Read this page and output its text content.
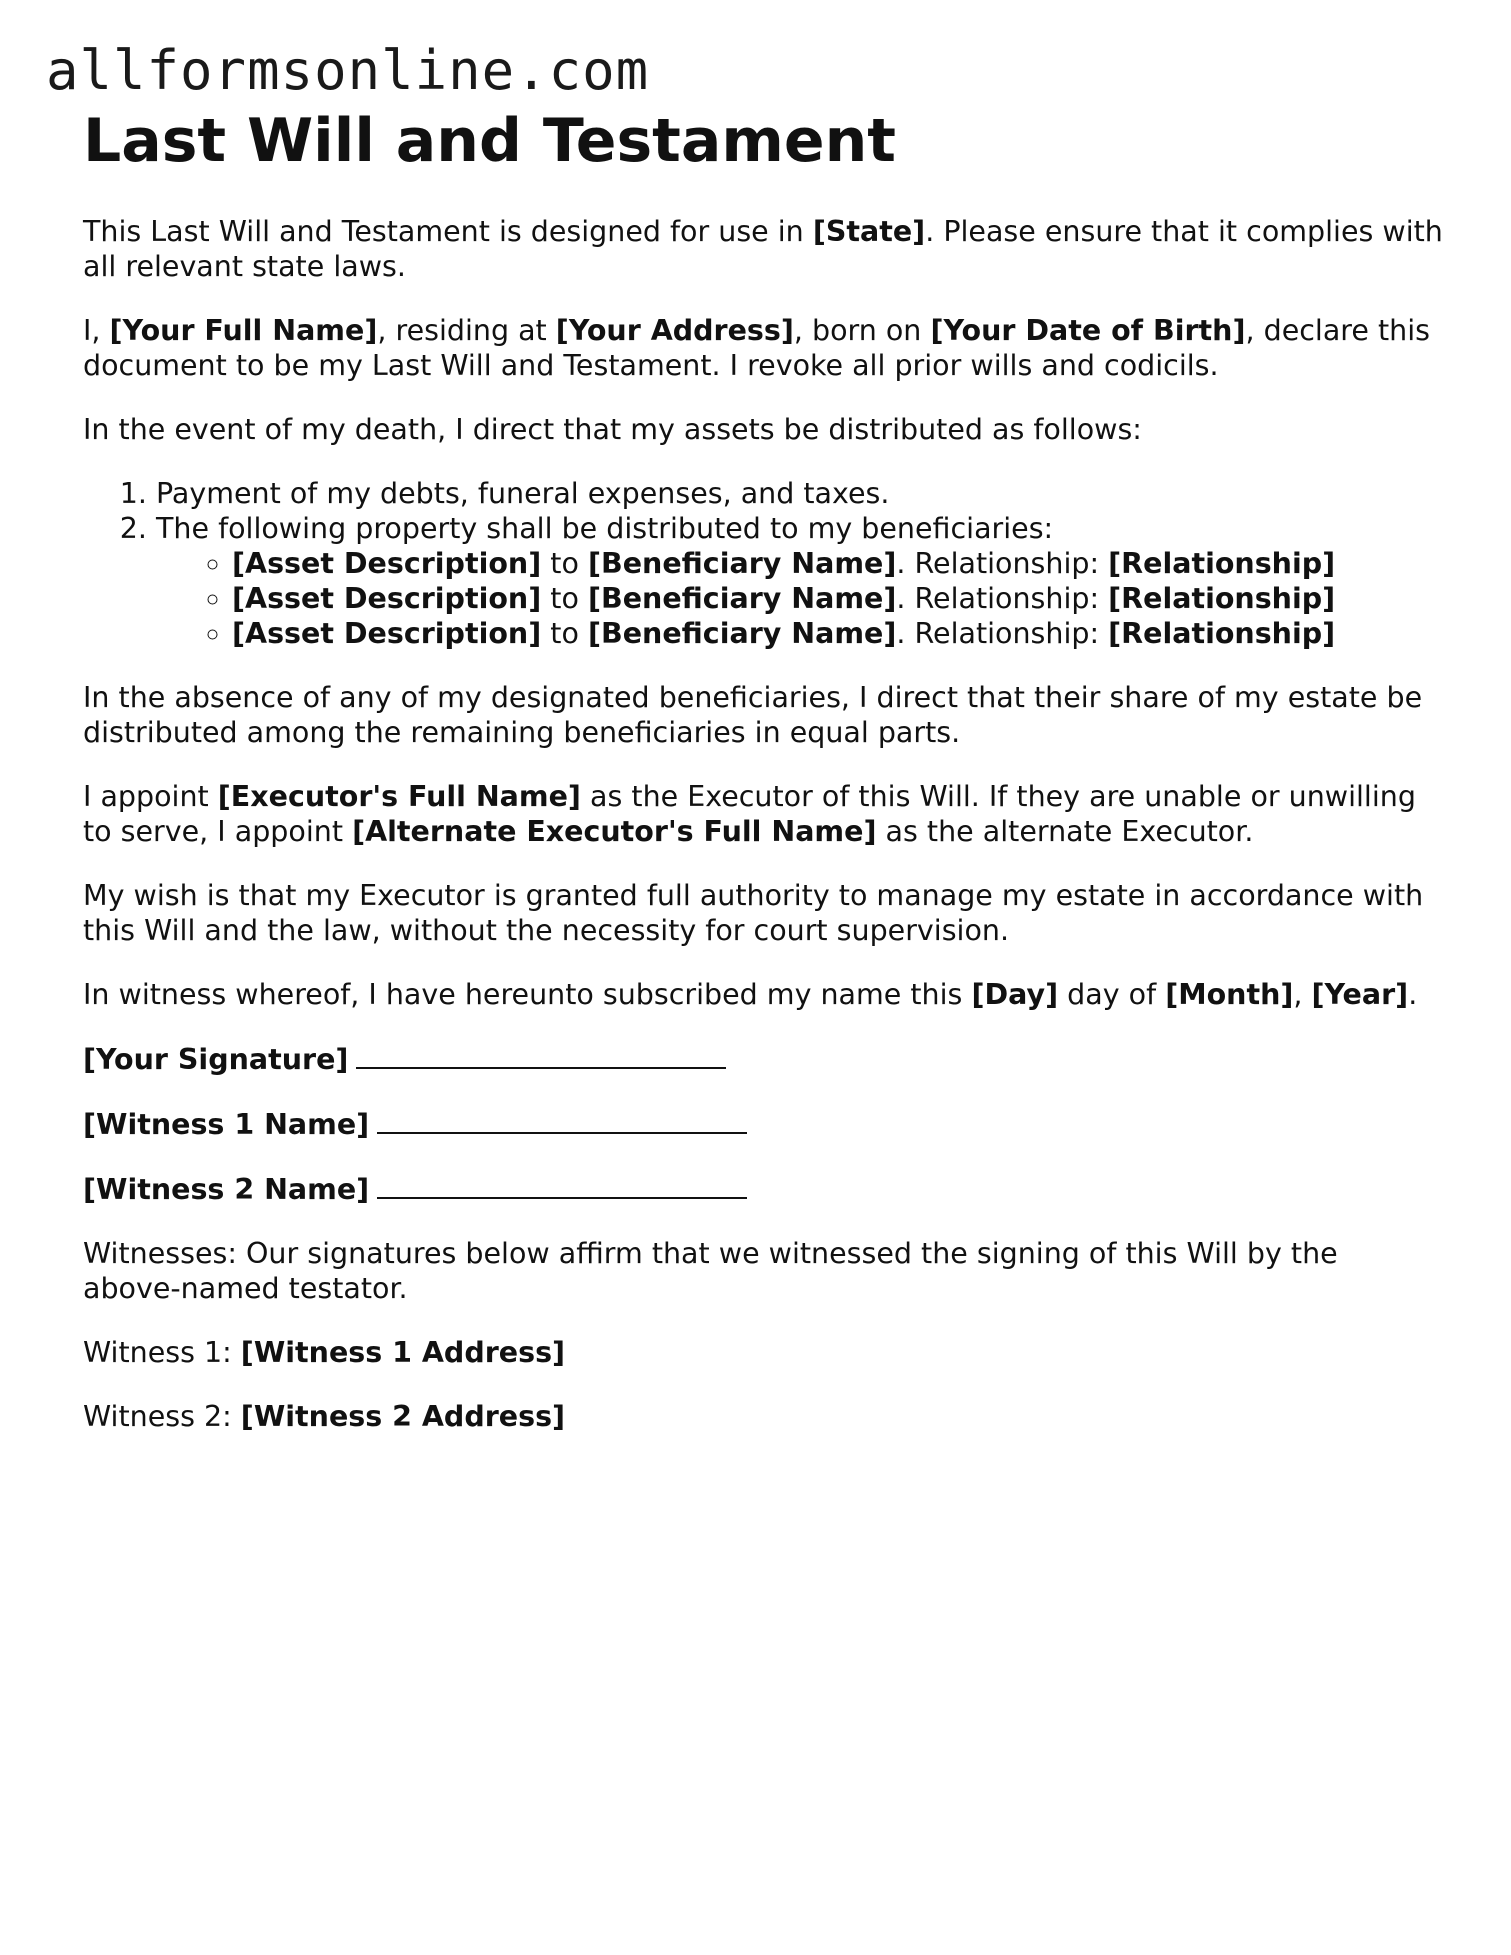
allformsonline.com
Last Will and Testament

This Last Will and Testament is designed for use in [State]. Please ensure that it complies with all relevant state laws.

I, [Your Full Name], residing at [Your Address], born on [Your Date of Birth], declare this document to be my Last Will and Testament. I revoke all prior wills and codicils.

In the event of my death, I direct that my assets be distributed as follows:

1. Payment of my debts, funeral expenses, and taxes.
2. The following property shall be distributed to my beneficiaries:
◦ [Asset Description] to [Beneficiary Name]. Relationship: [Relationship]
◦ [Asset Description] to [Beneficiary Name]. Relationship: [Relationship]
◦ [Asset Description] to [Beneficiary Name]. Relationship: [Relationship]

In the absence of any of my designated beneficiaries, I direct that their share of my estate be distributed among the remaining beneficiaries in equal parts.

I appoint [Executor's Full Name] as the Executor of this Will. If they are unable or unwilling to serve, I appoint [Alternate Executor's Full Name] as the alternate Executor.

My wish is that my Executor is granted full authority to manage my estate in accordance with this Will and the law, without the necessity for court supervision.

In witness whereof, I have hereunto subscribed my name this [Day] day of [Month], [Year].

[Your Signature]

[Witness 1 Name]

[Witness 2 Name]

Witnesses: Our signatures below affirm that we witnessed the signing of this Will by the above-named testator.

Witness 1: [Witness 1 Address]

Witness 2: [Witness 2 Address]
